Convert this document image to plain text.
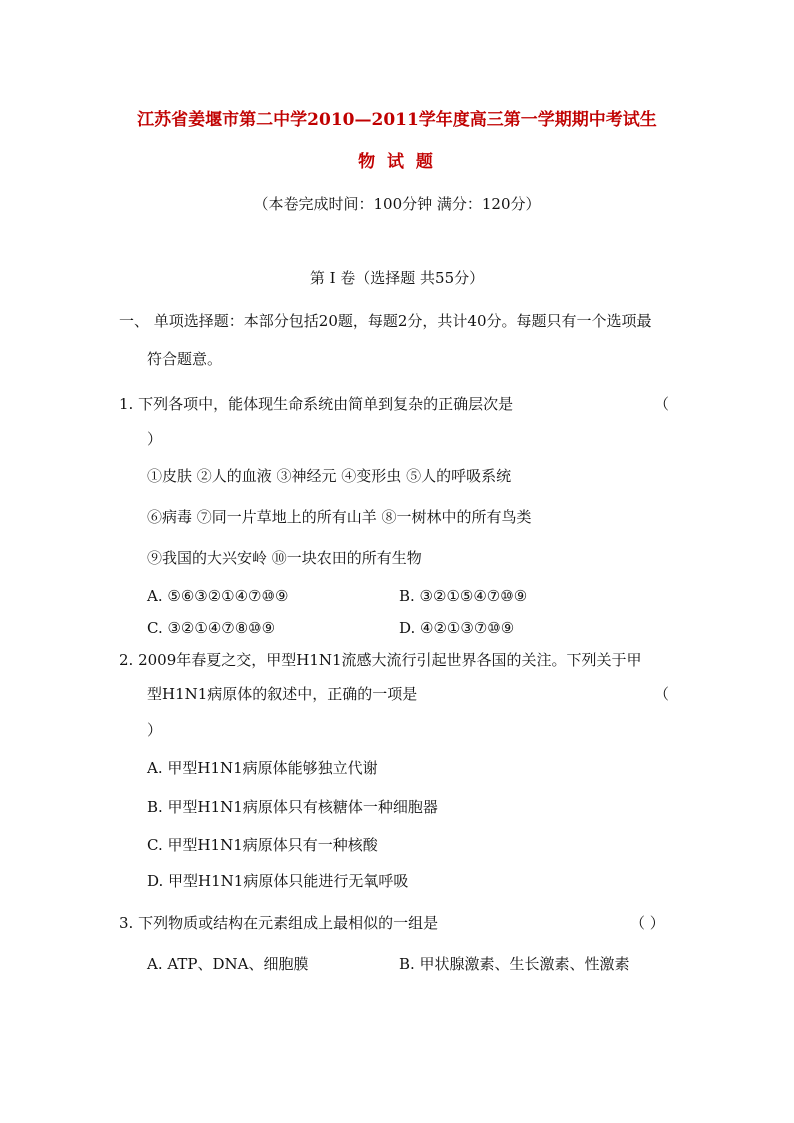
江苏省姜堰市第二中学2010—2011学年度高三第一学期期中考试生
物 试 题
（本卷完成时间：100分钟 满分：120分）
第 I 卷（选择题 共55分）
一、 单项选择题：本部分包括20题，每题2分，共计40分。每题只有一个选项最
符合题意。
1. 下列各项中，能体现生命系统由简单到复杂的正确层次是	（
）
①皮肤 ②人的血液 ③神经元 ④变形虫 ⑤人的呼吸系统
⑥病毒 ⑦同一片草地上的所有山羊 ⑧一树林中的所有鸟类
⑨我国的大兴安岭 ⑩一块农田的所有生物
A. ⑤⑥③②①④⑦⑩⑨	B. ③②①⑤④⑦⑩⑨
C. ③②①④⑦⑧⑩⑨	D. ④②①③⑦⑩⑨
2. 2009年春夏之交，甲型H1N1流感大流行引起世界各国的关注。下列关于甲
型H1N1病原体的叙述中，正确的一项是	（
）
A. 甲型H1N1病原体能够独立代谢
B. 甲型H1N1病原体只有核糖体一种细胞器
C. 甲型H1N1病原体只有一种核酸
D. 甲型H1N1病原体只能进行无氧呼吸
3. 下列物质或结构在元素组成上最相似的一组是	（ ）
A. ATP、DNA、细胞膜	B. 甲状腺激素、生长激素、性激素
